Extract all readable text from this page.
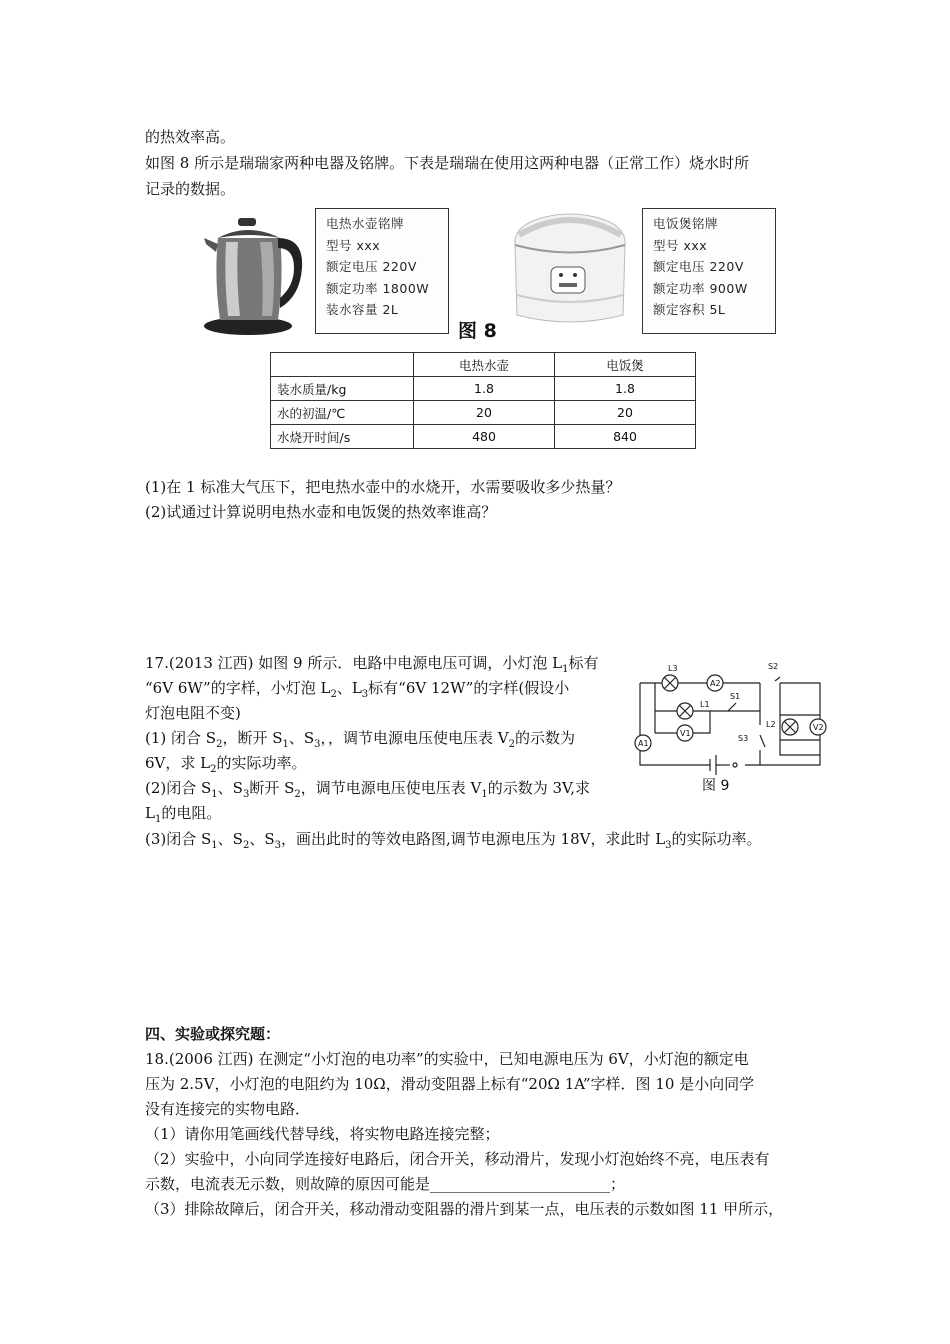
的热效率高。
如图 8 所示是瑞瑞家两种电器及铭牌。下表是瑞瑞在使用这两种电器（正常工作）烧水时所
记录的数据。
电热水壶铭牌
型号 xxx
额定电压 220V
额定功率 1800W
装水容量 2L
图 8
电饭煲铭牌
型号 xxx
额定电压 220V
额定功率 900W
额定容积 5L
	电热水壶	电饭煲
装水质量/kg	1.8	1.8
水的初温/℃	20	20
水烧开时间/s	480	840
(1)在 1 标准大气压下，把电热水壶中的水烧开，水需要吸收多少热量？
(2)试通过计算说明电热水壶和电饭煲的热效率谁高？
17.(2013 江西) 如图 9 所示．电路中电源电压可调，小灯泡 $L_1$标有
“6V 6W”的字样，小灯泡 $L_2$、$L_3$标有“6V 12W”的字样(假设小
灯泡电阻不变)
(1) 闭合 $S_2$，断开 $S_1$、$S_3$，，调节电源电压使电压表 $V_2$的示数为
6V，求 $L_2$的实际功率。
(2)闭合 $S_1$、$S_3$断开 $S_2$，调节电源电压使电压表 $V_1$的示数为 3V,求
$L_1$的电阻。
(3)闭合 $S_1$、$S_2$、$S_3$，画出此时的等效电路图,调节电源电压为 18V，求此时 $L_3$的实际功率。
L3
A2
S2
S1
L1
L2	V2
A1
V1
S3
图 9
四、实验或探究题：
18.(2006 江西) 在测定“小灯泡的电功率”的实验中，已知电源电压为 6V，小灯泡的额定电
压为 2.5V，小灯泡的电阻约为 10Ω，滑动变阻器上标有“20Ω 1A”字样．图 10 是小向同学
没有连接完的实物电路．
（1）请你用笔画线代替导线，将实物电路连接完整；
（2）实验中，小向同学连接好电路后，闭合开关，移动滑片，发现小灯泡始终不亮，电压表有
示数，电流表无示数，则故障的原因可能是________________________；
（3）排除故障后，闭合开关，移动滑动变阻器的滑片到某一点，电压表的示数如图 11 甲所示，
